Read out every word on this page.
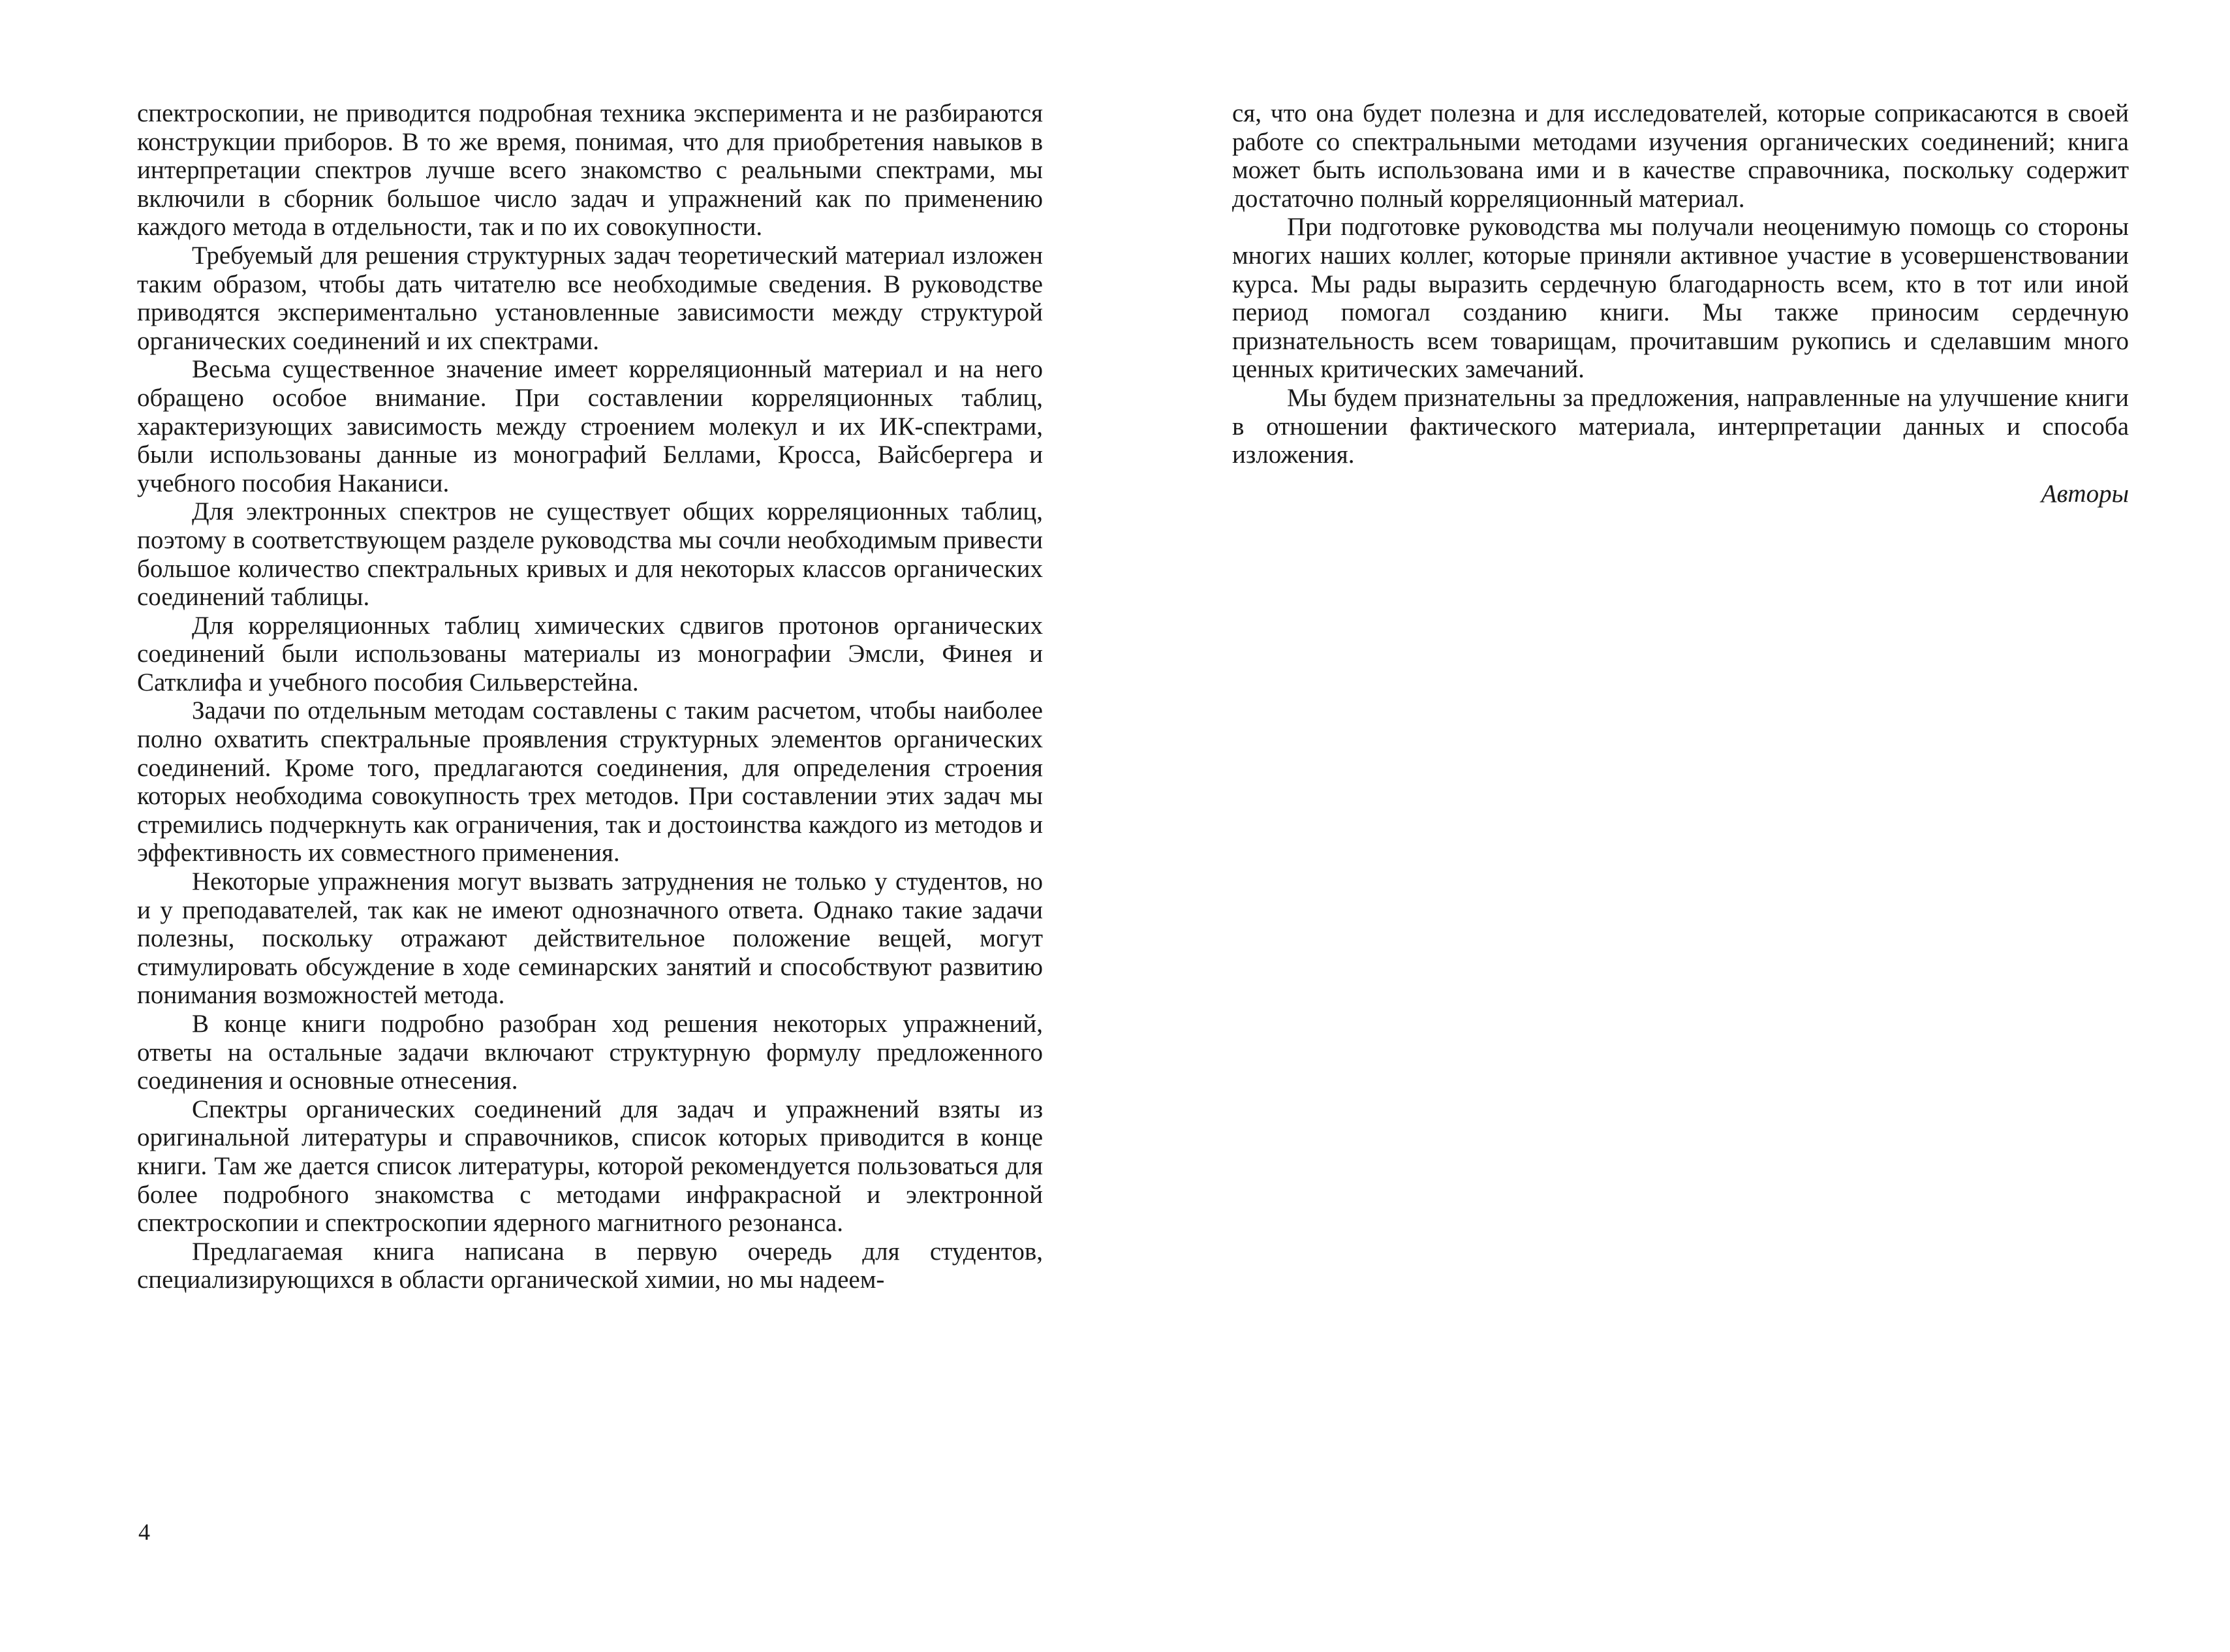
спектроскопии, не приводится подробная техника эксперимента и не разбираются конструкции приборов. В то же время, понимая, что для приобретения навыков в интерпретации спектров лучше всего знакомство с реальными спектрами, мы включили в сборник большое число задач и упражнений как по применению каждого метода в отдельности, так и по их совокупности.

Требуемый для решения структурных задач теоретический материал изложен таким образом, чтобы дать читателю все необходимые сведения. В руководстве приводятся экспериментально установленные зависимости между структурой органических соединений и их спектрами.

Весьма существенное значение имеет корреляционный материал и на него обращено особое внимание. При составлении корреляционных таблиц, характеризующих зависимость между строением молекул и их ИК-спектрами, были использованы данные из монографий Беллами, Кросса, Вайсбергера и учебного пособия Наканиси.

Для электронных спектров не существует общих корреляционных таблиц, поэтому в соответствующем разделе руководства мы сочли необходимым привести большое количество спектральных кривых и для некоторых классов органических соединений таблицы.

Для корреляционных таблиц химических сдвигов протонов органических соединений были использованы материалы из монографии Эмсли, Финея и Сатклифа и учебного пособия Сильверстейна.

Задачи по отдельным методам составлены с таким расчетом, чтобы наиболее полно охватить спектральные проявления структурных элементов органических соединений. Кроме того, предлагаются соединения, для определения строения которых необходима совокупность трех методов. При составлении этих задач мы стремились подчеркнуть как ограничения, так и достоинства каждого из методов и эффективность их совместного применения.

Некоторые упражнения могут вызвать затруднения не только у студентов, но и у преподавателей, так как не имеют однозначного ответа. Однако такие задачи полезны, поскольку отражают действительное положение вещей, могут стимулировать обсуждение в ходе семинарских занятий и способствуют развитию понимания возможностей метода.

В конце книги подробно разобран ход решения некоторых упражнений, ответы на остальные задачи включают структурную формулу предложенного соединения и основные отнесения.

Спектры органических соединений для задач и упражнений взяты из оригинальной литературы и справочников, список которых приводится в конце книги. Там же дается список литературы, которой рекомендуется пользоваться для более подробного знакомства с методами инфракрасной и электронной спектроскопии и спектроскопии ядерного магнитного резонанса.

Предлагаемая книга написана в первую очередь для студентов, специализирующихся в области органической химии, но мы надеем-

4

ся, что она будет полезна и для исследователей, которые соприкасаются в своей работе со спектральными методами изучения органических соединений; книга может быть использована ими и в качестве справочника, поскольку содержит достаточно полный корреляционный материал.

При подготовке руководства мы получали неоценимую помощь со стороны многих наших коллег, которые приняли активное участие в усовершенствовании курса. Мы рады выразить сердечную благодарность всем, кто в тот или иной период помогал созданию книги. Мы также приносим сердечную признательность всем товарищам, прочитавшим рукопись и сделавшим много ценных критических замечаний.

Мы будем признательны за предложения, направленные на улучшение книги в отношении фактического материала, интерпретации данных и способа изложения.

Авторы
